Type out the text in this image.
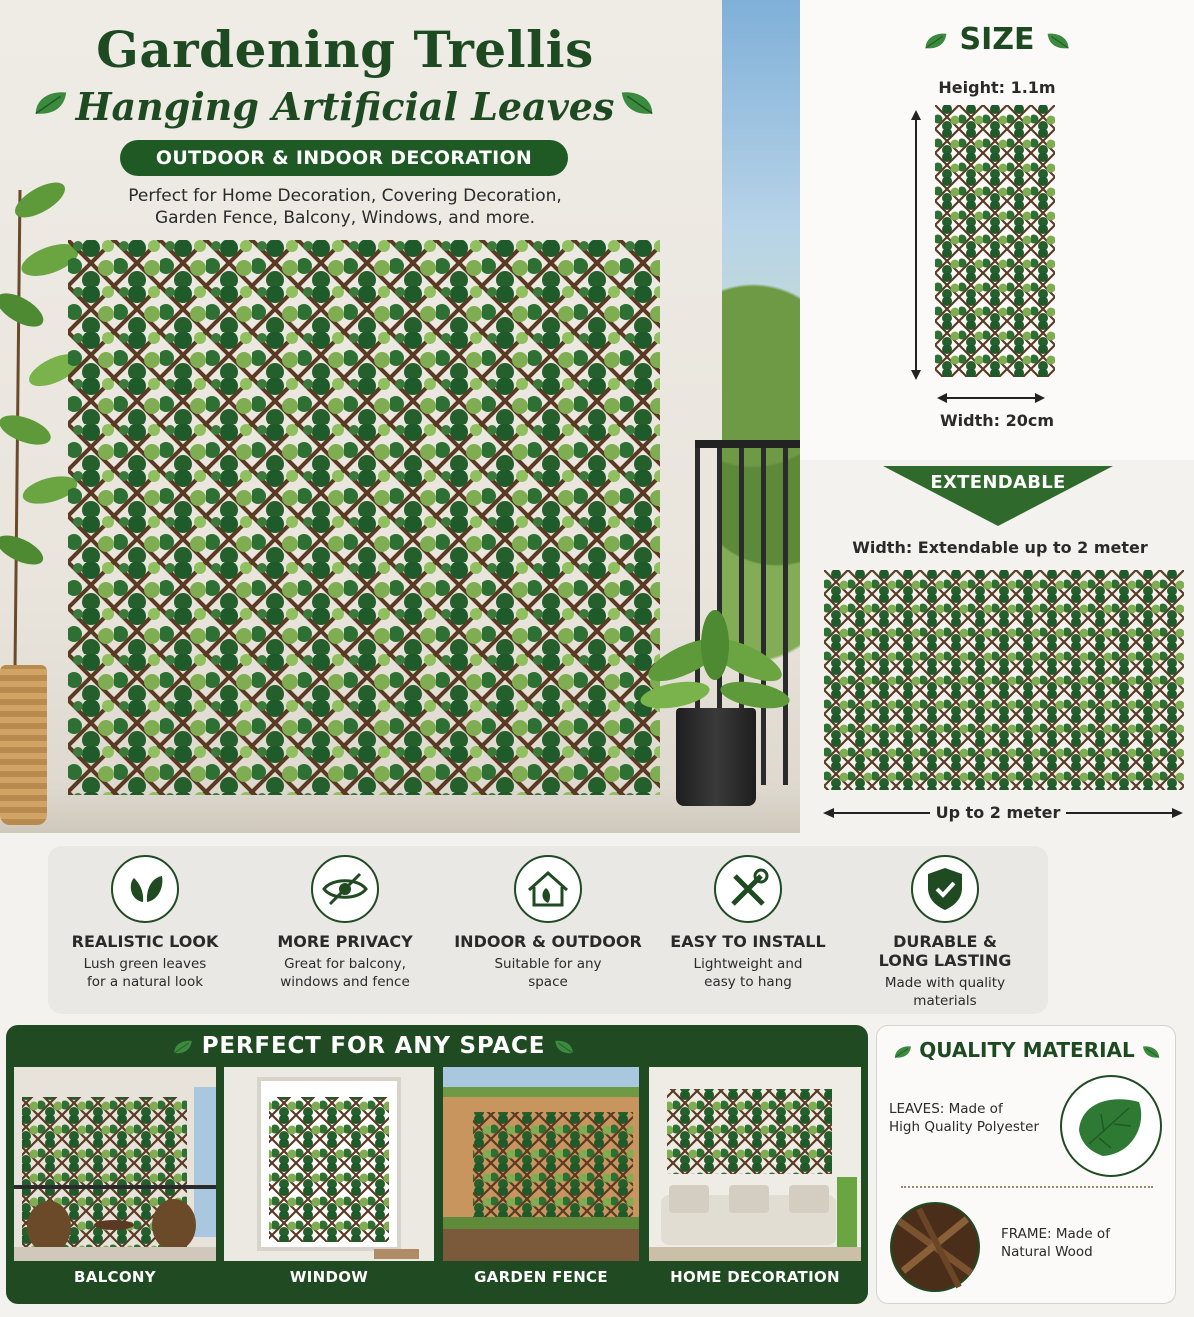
Gardening Trellis
Hanging Artificial Leaves
OUTDOOR & INDOOR DECORATION
Perfect for Home Decoration, Covering Decoration,
Garden Fence, Balcony, Windows, and more.
SIZE
Height: 1.1m
Width: 20cm
EXTENDABLE
Width: Extendable up to 2 meter
Up to 2 meter
REALISTIC LOOK
Lush green leaves
for a natural look
MORE PRIVACY
Great for balcony,
windows and fence
INDOOR & OUTDOOR
Suitable for any
space
EASY TO INSTALL
Lightweight and
easy to hang
DURABLE &
LONG LASTING
Made with quality
materials
PERFECT FOR ANY SPACE
BALCONY	WINDOW	GARDEN FENCE	HOME DECORATION
QUALITY MATERIAL
LEAVES: Made of
High Quality Polyester
FRAME: Made of
Natural Wood
